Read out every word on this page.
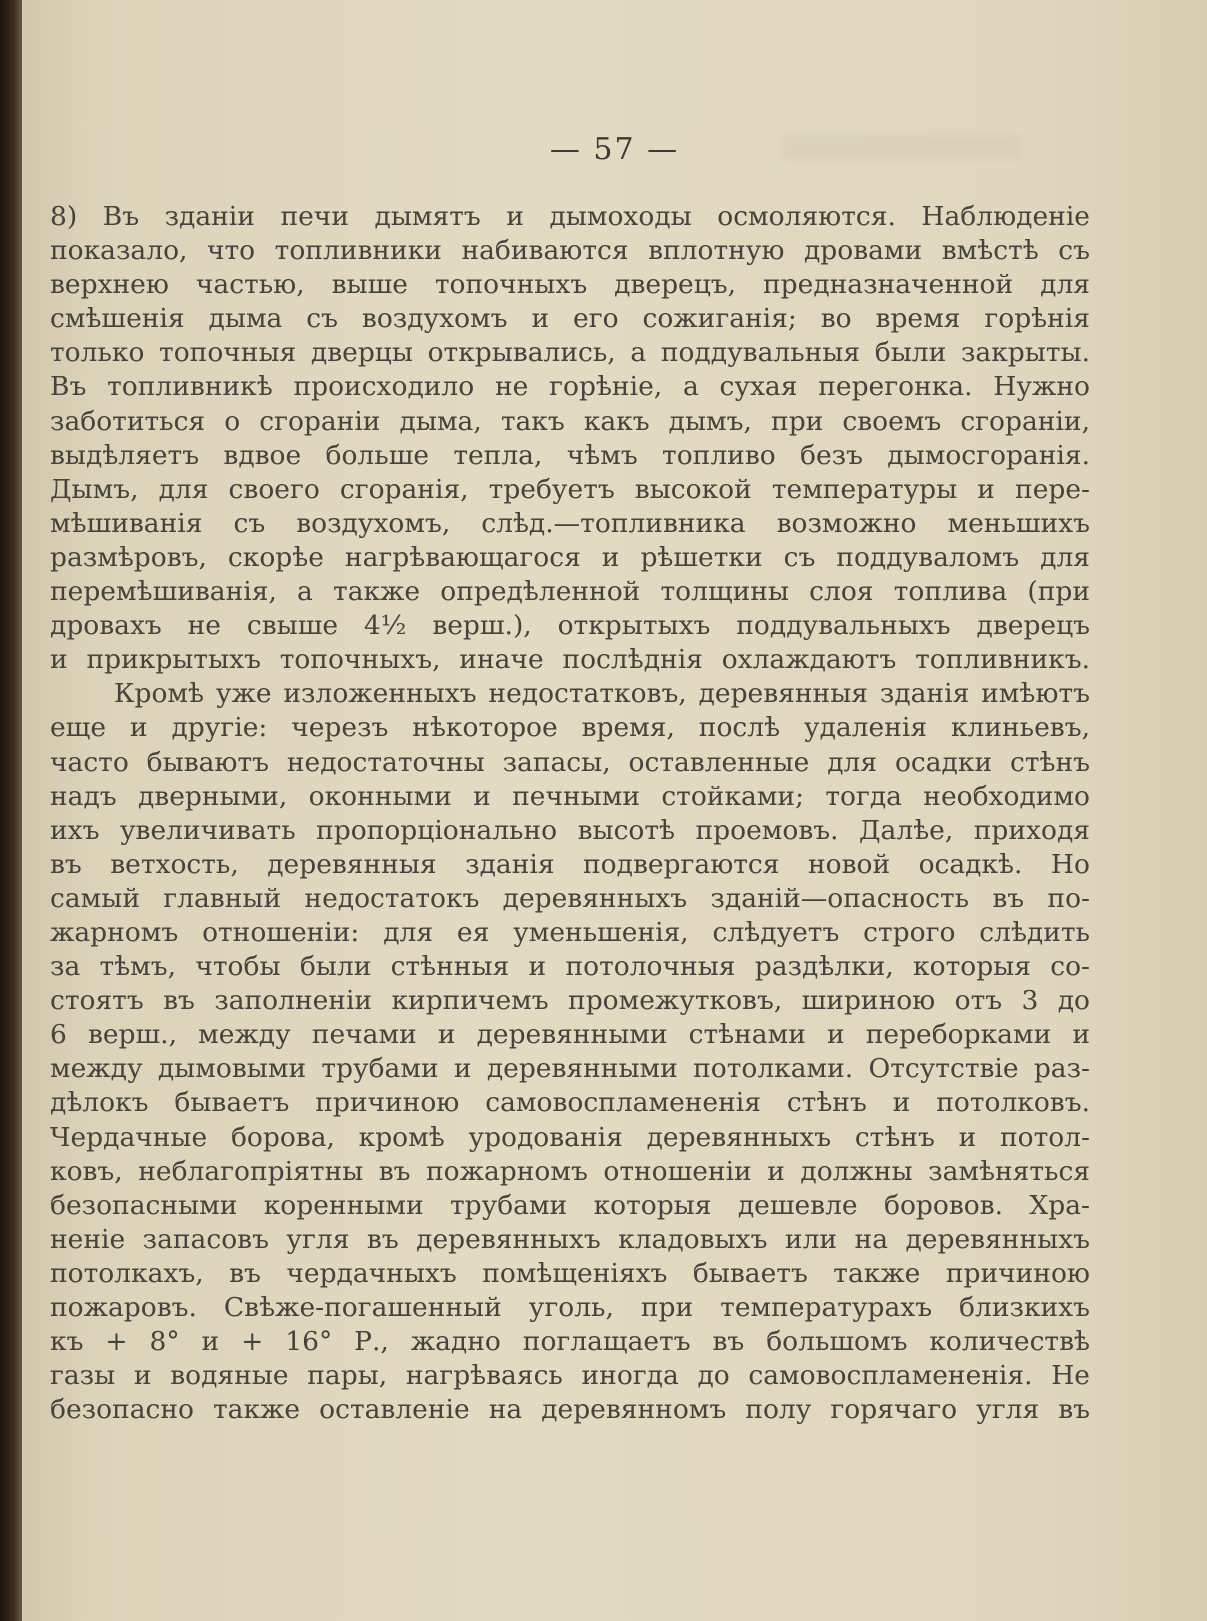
— 57 —
8) Въ зданіи печи дымятъ и дымоходы осмоляются. Наблюденіе
показало, что топливники набиваются вплотную дровами вмѣстѣ съ
верхнею частью, выше топочныхъ дверецъ, предназначенной для
смѣшенія дыма съ воздухомъ и его сожиганія; во время горѣнія
только топочныя дверцы открывались, а поддувальныя были закрыты.
Въ топливникѣ происходило не горѣніе, а сухая перегонка. Нужно
заботиться о сгораніи дыма, такъ какъ дымъ, при своемъ сгораніи,
выдѣляетъ вдвое больше тепла, чѣмъ топливо безъ дымосгоранія.
Дымъ, для своего сгоранія, требуетъ высокой температуры и пере-
мѣшиванія съ воздухомъ, слѣд.—топливника возможно меньшихъ
размѣровъ, скорѣе нагрѣвающагося и рѣшетки съ поддуваломъ для
перемѣшиванія, а также опредѣленной толщины слоя топлива (при
дровахъ не свыше 4½ верш.), открытыхъ поддувальныхъ дверецъ
и прикрытыхъ топочныхъ, иначе послѣднія охлаждаютъ топливникъ.
Кромѣ уже изложенныхъ недостатковъ, деревянныя зданія имѣютъ
еще и другіе: черезъ нѣкоторое время, послѣ удаленія клиньевъ,
часто бываютъ недостаточны запасы, оставленные для осадки стѣнъ
надъ дверными, оконными и печными стойками; тогда необходимо
ихъ увеличивать пропорціонально высотѣ проемовъ. Далѣе, приходя
въ ветхость, деревянныя зданія подвергаются новой осадкѣ. Но
самый главный недостатокъ деревянныхъ зданій—опасность въ по-
жарномъ отношеніи: для ея уменьшенія, слѣдуетъ строго слѣдить
за тѣмъ, чтобы были стѣнныя и потолочныя раздѣлки, которыя со-
стоятъ въ заполненіи кирпичемъ промежутковъ, шириною отъ 3 до
6 верш., между печами и деревянными стѣнами и переборками и
между дымовыми трубами и деревянными потолками. Отсутствіе раз-
дѣлокъ бываетъ причиною самовоспламененія стѣнъ и потолковъ.
Чердачные борова, кромѣ уродованія деревянныхъ стѣнъ и потол-
ковъ, неблагопріятны въ пожарномъ отношеніи и должны замѣняться
безопасными коренными трубами которыя дешевле боровов. Хра-
неніе запасовъ угля въ деревянныхъ кладовыхъ или на деревянныхъ
потолкахъ, въ чердачныхъ помѣщеніяхъ бываетъ также причиною
пожаровъ. Свѣже-погашенный уголь, при температурахъ близкихъ
къ + 8° и + 16° Р., жадно поглащаетъ въ большомъ количествѣ
газы и водяные пары, нагрѣваясь иногда до самовоспламененія. Не
безопасно также оставленіе на деревянномъ полу горячаго угля въ
